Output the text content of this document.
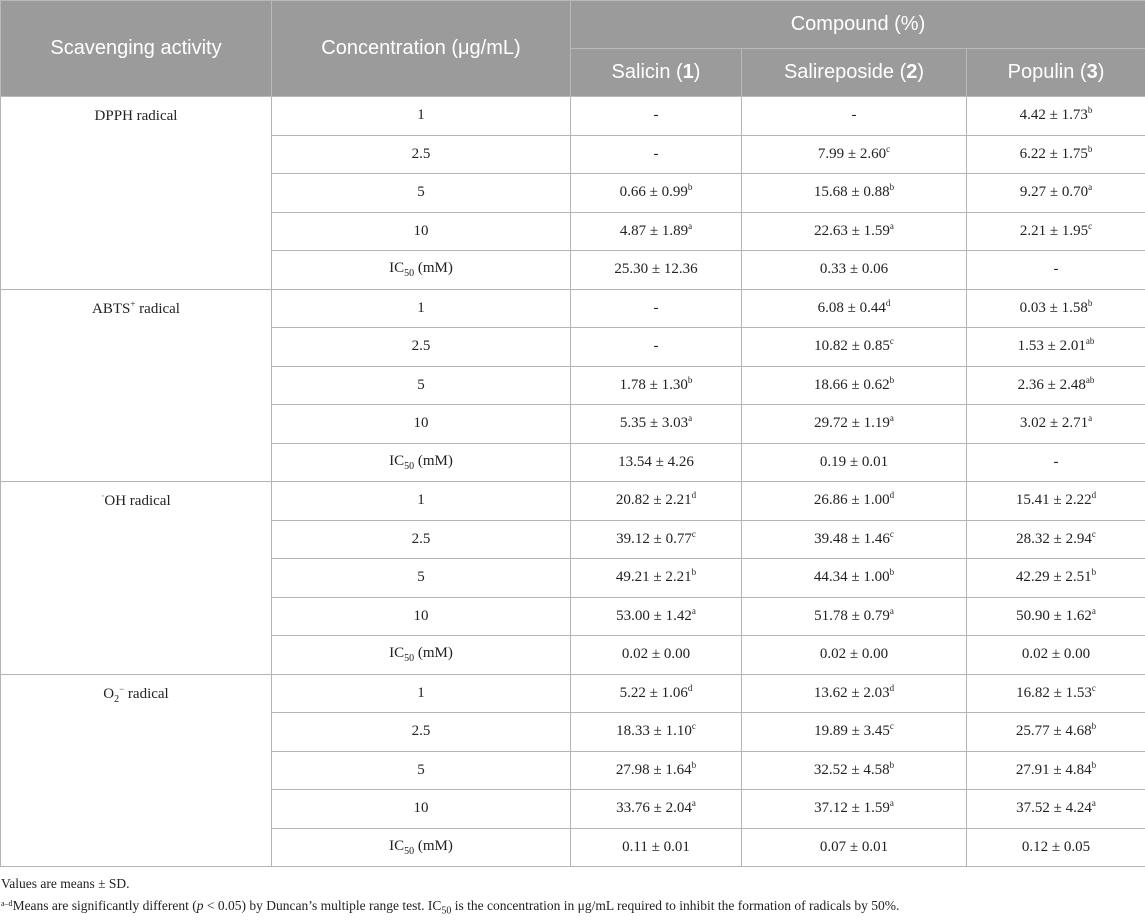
Scavenging activity	Concentration (μg/mL)	Compound (%)		
		Salicin (1)	Salireposide (2)	Populin (3)
DPPH radical	1	-	-	4.42 ± 1.73$^b$
	2.5	-	7.99 ± 2.60$^c$	6.22 ± 1.75$^b$
	5	0.66 ± 0.99$^b$	15.68 ± 0.88$^b$	9.27 ± 0.70$^a$
	10	4.87 ± 1.89$^a$	22.63 ± 1.59$^a$	2.21 ± 1.95$^c$
	$IC_{50}$ (mM)	25.30 ± 12.36	0.33 ± 0.06	-
ABTS+ radical	1	-	6.08 ± 0.44$^d$	0.03 ± 1.58$^b$
	2.5	-	10.82 ± 0.85$^c$	1.53 ± 2.01$^{ab}$
	5	1.78 ± 1.30$^b$	18.66 ± 0.62$^b$	2.36 ± 2.48$^{ab}$
	10	5.35 ± 3.03$^a$	29.72 ± 1.19$^a$	3.02 ± 2.71$^a$
	$IC_{50}$ (mM)	13.54 ± 4.26	0.19 ± 0.01	-
·OH radical	1	20.82 ± 2.21$^d$	26.86 ± 1.00$^d$	15.41 ± 2.22$^d$
	2.5	39.12 ± 0.77$^c$	39.48 ± 1.46$^c$	28.32 ± 2.94$^c$
	5	49.21 ± 2.21$^b$	44.34 ± 1.00$^b$	42.29 ± 2.51$^b$
	10	53.00 ± 1.42$^a$	51.78 ± 0.79$^a$	50.90 ± 1.62$^a$
	$IC_{50}$ (mM)	0.02 ± 0.00	0.02 ± 0.00	0.02 ± 0.00
$O_2^-$ radical	1	5.22 ± 1.06$^d$	13.62 ± 2.03$^d$	16.82 ± 1.53$^c$
	2.5	18.33 ± 1.10$^c$	19.89 ± 3.45$^c$	25.77 ± 4.68$^b$
	5	27.98 ± 1.64$^b$	32.52 ± 4.58$^b$	27.91 ± 4.84$^b$
	10	33.76 ± 2.04$^a$	37.12 ± 1.59$^a$	37.52 ± 4.24$^a$
	$IC_{50}$ (mM)	0.11 ± 0.01	0.07 ± 0.01	0.12 ± 0.05
Values are means ± SD.
$^{a-d}$Means are significantly different (p < 0.05) by Duncan’s multiple range test. $IC_{50}$ is the concentration in μg/mL required to inhibit the formation of radicals by 50%.
